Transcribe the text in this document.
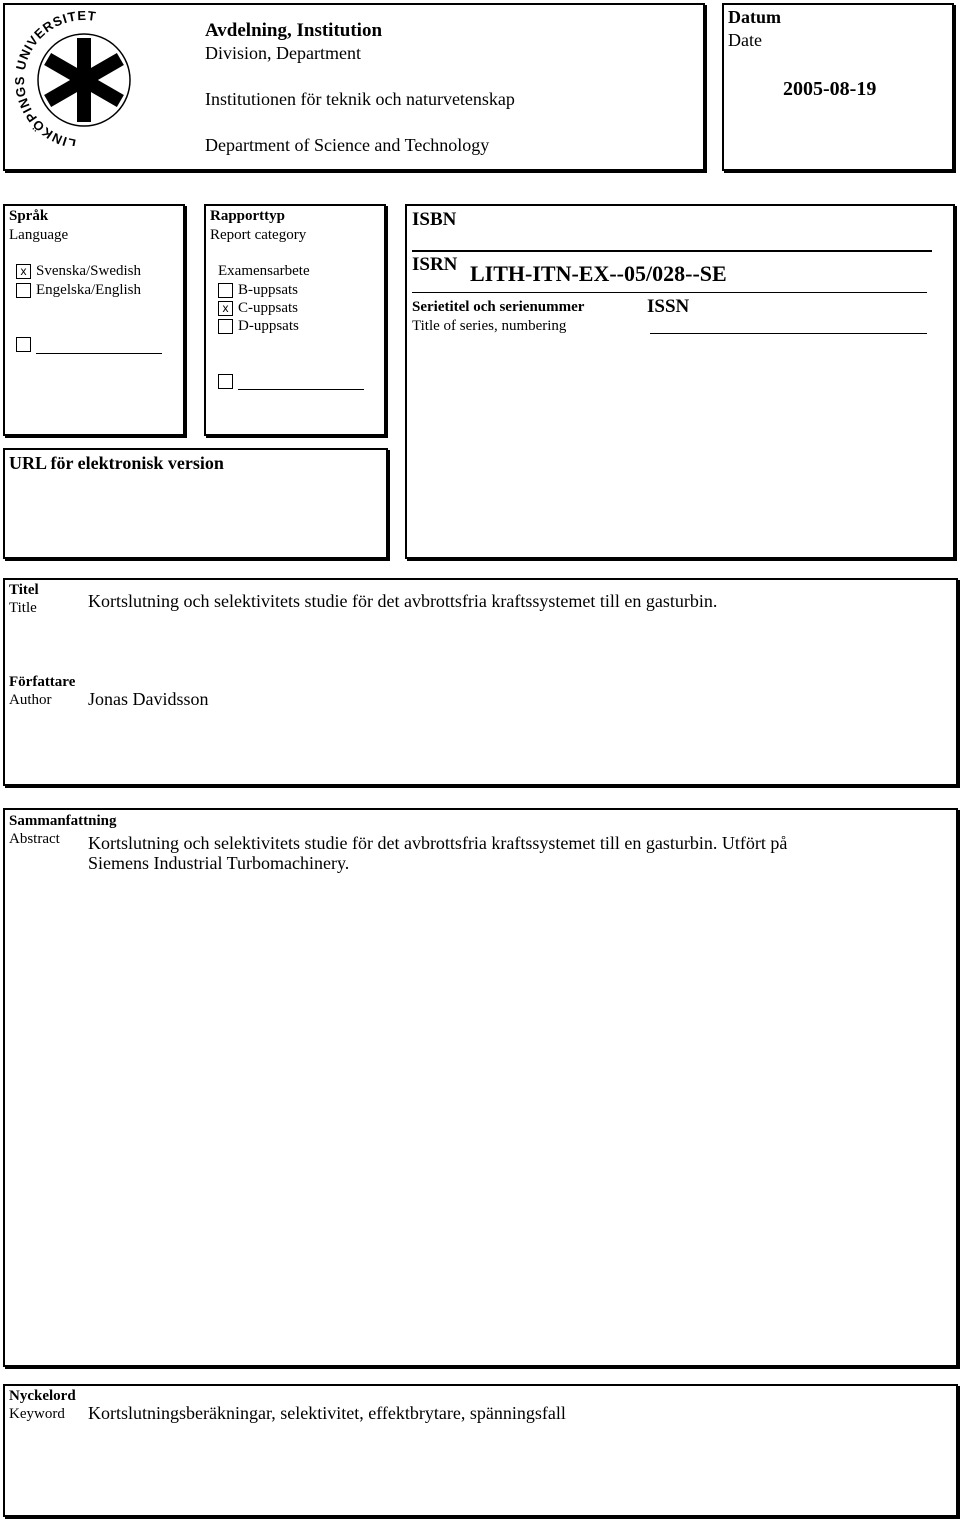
LINKÖPINGS UNIVERSITET
Avdelning, Institution
Division, Department
Institutionen för teknik och naturvetenskap
Department of Science and Technology
Datum
Date
2005-08-19
Språk
Language
x Svenska/Swedish
Engelska/English
Rapporttyp
Report category
Examensarbete
B-uppsats
x C-uppsats
D-uppsats
ISBN
ISRN LITH-ITN-EX--05/028--SE
Serietitel och serienummer
Title of series, numbering
ISSN
URL för elektronisk version
Titel
Title	Kortslutning och selektivitets studie för det avbrottsfria kraftssystemet till en gasturbin.
Författare
Author Jonas Davidsson
Sammanfattning
Abstract Kortslutning och selektivitets studie för det avbrottsfria kraftssystemet till en gasturbin. Utfört på
Siemens Industrial Turbomachinery.
Nyckelord
Keyword Kortslutningsberäkningar, selektivitet, effektbrytare, spänningsfall
